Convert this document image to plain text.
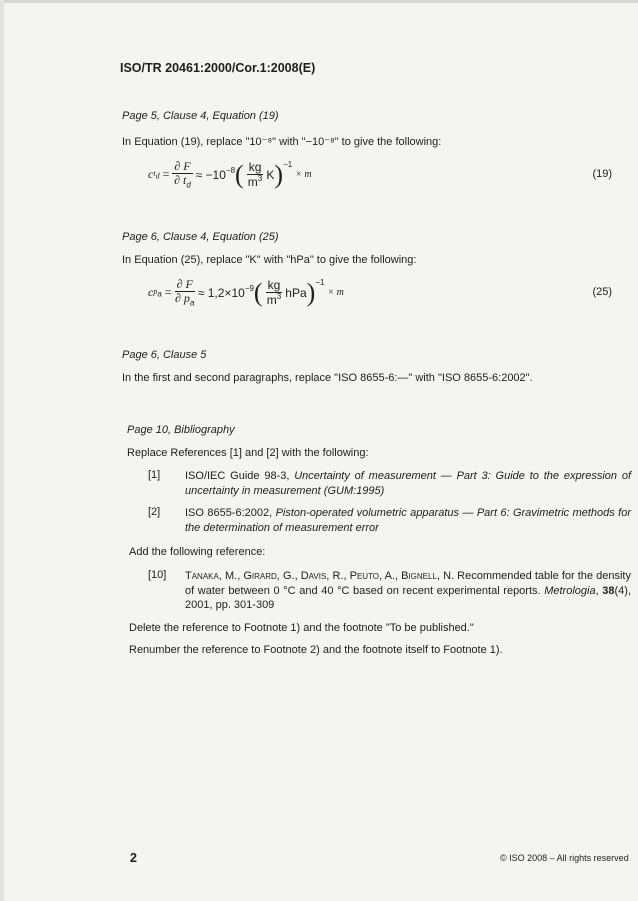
ISO/TR 20461:2000/Cor.1:2008(E)
Page 5, Clause 4, Equation (19)
In Equation (19), replace "10⁻⁸" with "−10⁻⁸" to give the following:
c $t_d = \frac{\partial F}{\partial t_d} \approx -10^{-8}$ ( $\frac{kg}{m^3}$ K )$^{-1}$

× m	(19)
Page 6, Clause 4, Equation (25)
In Equation (25), replace "K" with "hPa" to give the following:
c $p_a = \frac{\partial F}{\partial p_a} \approx 1,2\times 10^{-9}$ ( $\frac{kg}{m^3}$ hPa )$^{-1}$

× m	(25)
Page 6, Clause 5
In the first and second paragraphs, replace "ISO 8655-6:—" with "ISO 8655-6:2002".
Page 10, Bibliography
Replace References [1] and [2] with the following:
[1]	ISO/IEC Guide 98-3, Uncertainty of measurement — Part 3: Guide to the expression of uncertainty in measurement (GUM:1995)
[2]	ISO 8655-6:2002, Piston-operated volumetric apparatus — Part 6: Gravimetric methods for the determination of measurement error
Add the following reference:
[10]	Tanaka, M., Girard, G., Davis, R., Peuto, A., Bignell, N. Recommended table for the density of water between 0 °C and 40 °C based on recent experimental reports. Metrologia, 38(4), 2001, pp. 301-309
Delete the reference to Footnote 1) and the footnote "To be published."
Renumber the reference to Footnote 2) and the footnote itself to Footnote 1).
2	© ISO 2008 – All rights reserved
